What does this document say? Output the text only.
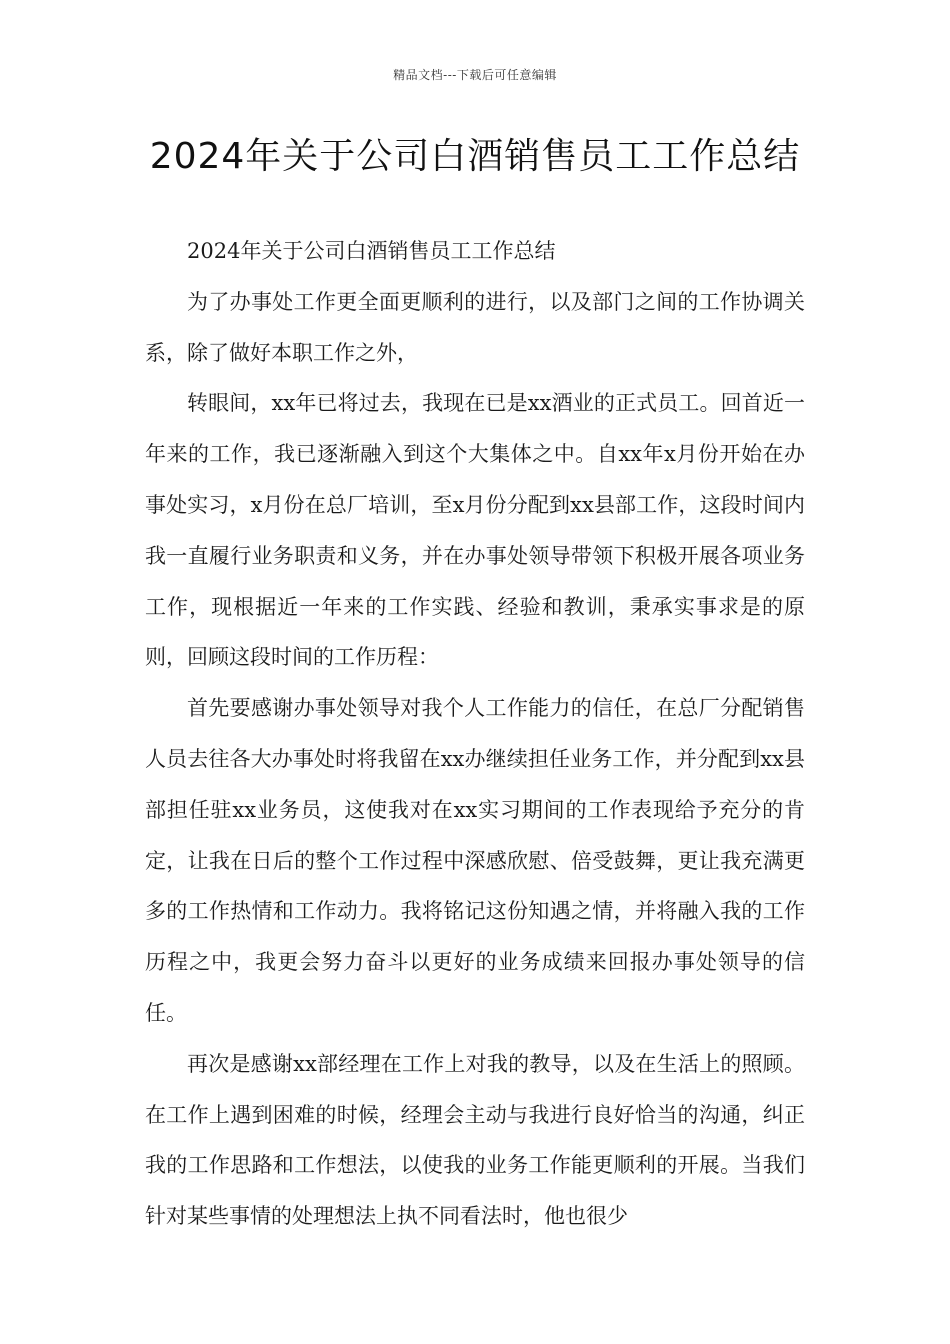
精品文档---下载后可任意编辑
2024年关于公司白酒销售员工工作总结

2024年关于公司白酒销售员工工作总结

为了办事处工作更全面更顺利的进行，以及部门之间的工作协调关系，除了做好本职工作之外，

转眼间，xx年已将过去，我现在已是xx酒业的正式员工。回首近一年来的工作，我已逐渐融入到这个大集体之中。自xx年x月份开始在办事处实习，x月份在总厂培训，至x月份分配到xx县部工作，这段时间内我一直履行业务职责和义务，并在办事处领导带领下积极开展各项业务工作，现根据近一年来的工作实践、经验和教训，秉承实事求是的原则，回顾这段时间的工作历程：

首先要感谢办事处领导对我个人工作能力的信任，在总厂分配销售人员去往各大办事处时将我留在xx办继续担任业务工作，并分配到xx县部担任驻xx业务员，这使我对在xx实习期间的工作表现给予充分的肯定，让我在日后的整个工作过程中深感欣慰、倍受鼓舞，更让我充满更多的工作热情和工作动力。我将铭记这份知遇之情，并将融入我的工作历程之中，我更会努力奋斗以更好的业务成绩来回报办事处领导的信任。

再次是感谢xx部经理在工作上对我的教导，以及在生活上的照顾。在工作上遇到困难的时候，经理会主动与我进行良好恰当的沟通，纠正我的工作思路和工作想法，以使我的业务工作能更顺利的开展。当我们针对某些事情的处理想法上执不同看法时，他也很少
